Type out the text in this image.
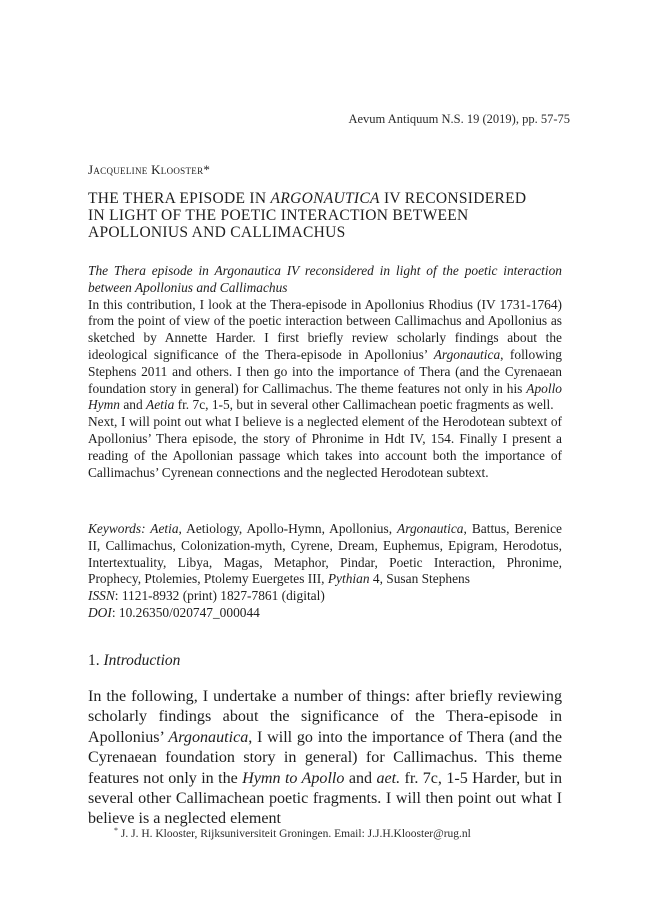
Aevum Antiquum N.S. 19 (2019), pp. 57-75
Jacqueline Klooster*
THE THERA EPISODE IN ARGONAUTICA IV RECONSIDERED
IN LIGHT OF THE POETIC INTERACTION BETWEEN
APOLLONIUS AND CALLIMACHUS

The Thera episode in Argonautica IV reconsidered in light of the poetic interaction between Apollonius and Callimachus

In this contribution, I look at the Thera-episode in Apollonius Rhodius (IV 1731-1764) from the point of view of the poetic interaction between Callimachus and Apollonius as sketched by Annette Harder. I first briefly review scholarly findings about the ideological significance of the Thera-episode in Apollonius’ Argonautica, following Stephens 2011 and others. I then go into the importance of Thera (and the Cyrenaean foundation story in general) for Callimachus. The theme features not only in his Apollo Hymn and Aetia fr. 7c, 1-5, but in several other Callimachean poetic fragments as well.

Next, I will point out what I believe is a neglected element of the Herodotean subtext of Apollonius’ Thera episode, the story of Phronime in Hdt IV, 154. Finally I present a reading of the Apollonian passage which takes into account both the importance of Callimachus’ Cyrenean connections and the neglected Herodotean subtext.

Keywords: Aetia, Aetiology, Apollo-Hymn, Apollonius, Argonautica, Battus, Berenice II, Callimachus, Colonization-myth, Cyrene, Dream, Euphemus, Epigram, Herodotus, Intertextuality, Libya, Magas, Metaphor, Pindar, Poetic Interaction, Phronime, Prophecy, Ptolemies, Ptolemy Euergetes III, Pythian 4, Susan Stephens

ISSN: 1121-8932 (print) 1827-7861 (digital)

DOI: 10.26350/020747_000044

1. Introduction

In the following, I undertake a number of things: after briefly reviewing scholarly findings about the significance of the Thera-episode in Apollonius’ Argonautica, I will go into the importance of Thera (and the Cyrenaean foundation story in general) for Callimachus. This theme features not only in the Hymn to Apollo and aet. fr. 7c, 1-5 Harder, but in several other Callimachean poetic fragments. I will then point out what I believe is a neglected element

* J. J. H. Klooster, Rijksuniversiteit Groningen. Email: J.J.H.Klooster@rug.nl
